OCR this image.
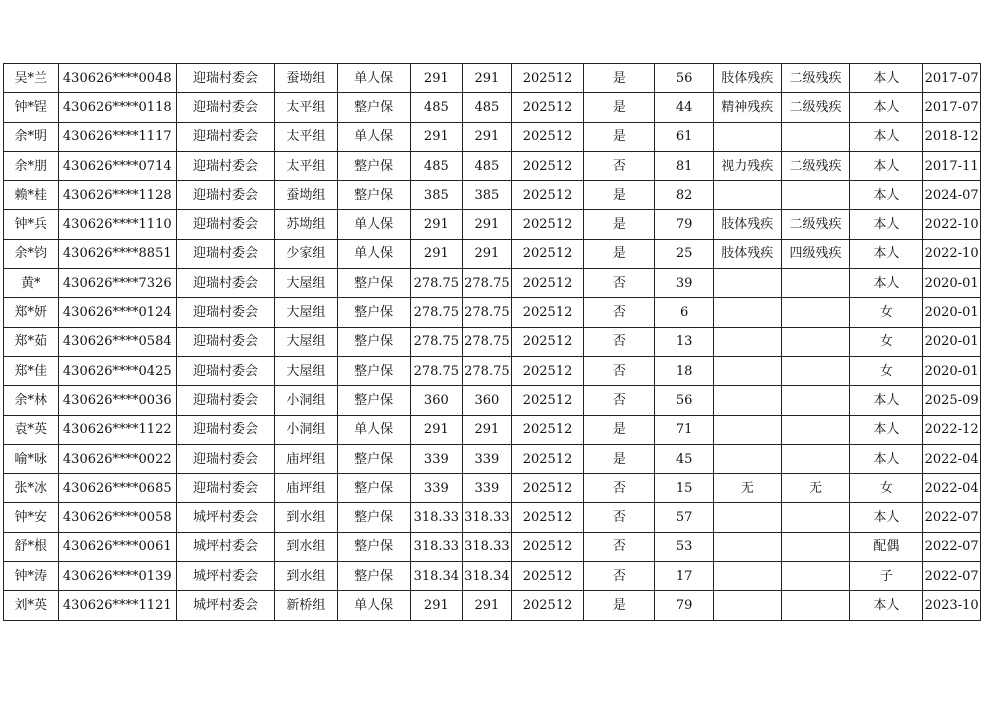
吴*兰	430626****0048	迎瑞村委会	蚕坳组	单人保	291	291	202512	是	56	肢体残疾	二级残疾	本人	2017-07
钟*锃	430626****0118	迎瑞村委会	太平组	整户保	485	485	202512	是	44	精神残疾	二级残疾	本人	2017-07
余*明	430626****1117	迎瑞村委会	太平组	单人保	291	291	202512	是	61			本人	2018-12
余*朋	430626****0714	迎瑞村委会	太平组	整户保	485	485	202512	否	81	视力残疾	二级残疾	本人	2017-11
赖*桂	430626****1128	迎瑞村委会	蚕坳组	整户保	385	385	202512	是	82			本人	2024-07
钟*兵	430626****1110	迎瑞村委会	苏坳组	单人保	291	291	202512	是	79	肢体残疾	二级残疾	本人	2022-10
余*钧	430626****8851	迎瑞村委会	少家组	单人保	291	291	202512	是	25	肢体残疾	四级残疾	本人	2022-10
黄*	430626****7326	迎瑞村委会	大屋组	整户保	278.75	278.75	202512	否	39			本人	2020-01
郑*妍	430626****0124	迎瑞村委会	大屋组	整户保	278.75	278.75	202512	否	6			女	2020-01
郑*茹	430626****0584	迎瑞村委会	大屋组	整户保	278.75	278.75	202512	否	13			女	2020-01
郑*佳	430626****0425	迎瑞村委会	大屋组	整户保	278.75	278.75	202512	否	18			女	2020-01
余*林	430626****0036	迎瑞村委会	小洞组	整户保	360	360	202512	否	56			本人	2025-09
袁*英	430626****1122	迎瑞村委会	小洞组	单人保	291	291	202512	是	71			本人	2022-12
喻*咏	430626****0022	迎瑞村委会	庙坪组	整户保	339	339	202512	是	45			本人	2022-04
张*冰	430626****0685	迎瑞村委会	庙坪组	整户保	339	339	202512	否	15	无	无	女	2022-04
钟*安	430626****0058	城坪村委会	到水组	整户保	318.33	318.33	202512	否	57			本人	2022-07
舒*根	430626****0061	城坪村委会	到水组	整户保	318.33	318.33	202512	否	53			配偶	2022-07
钟*涛	430626****0139	城坪村委会	到水组	整户保	318.34	318.34	202512	否	17			子	2022-07
刘*英	430626****1121	城坪村委会	新桥组	单人保	291	291	202512	是	79			本人	2023-10
